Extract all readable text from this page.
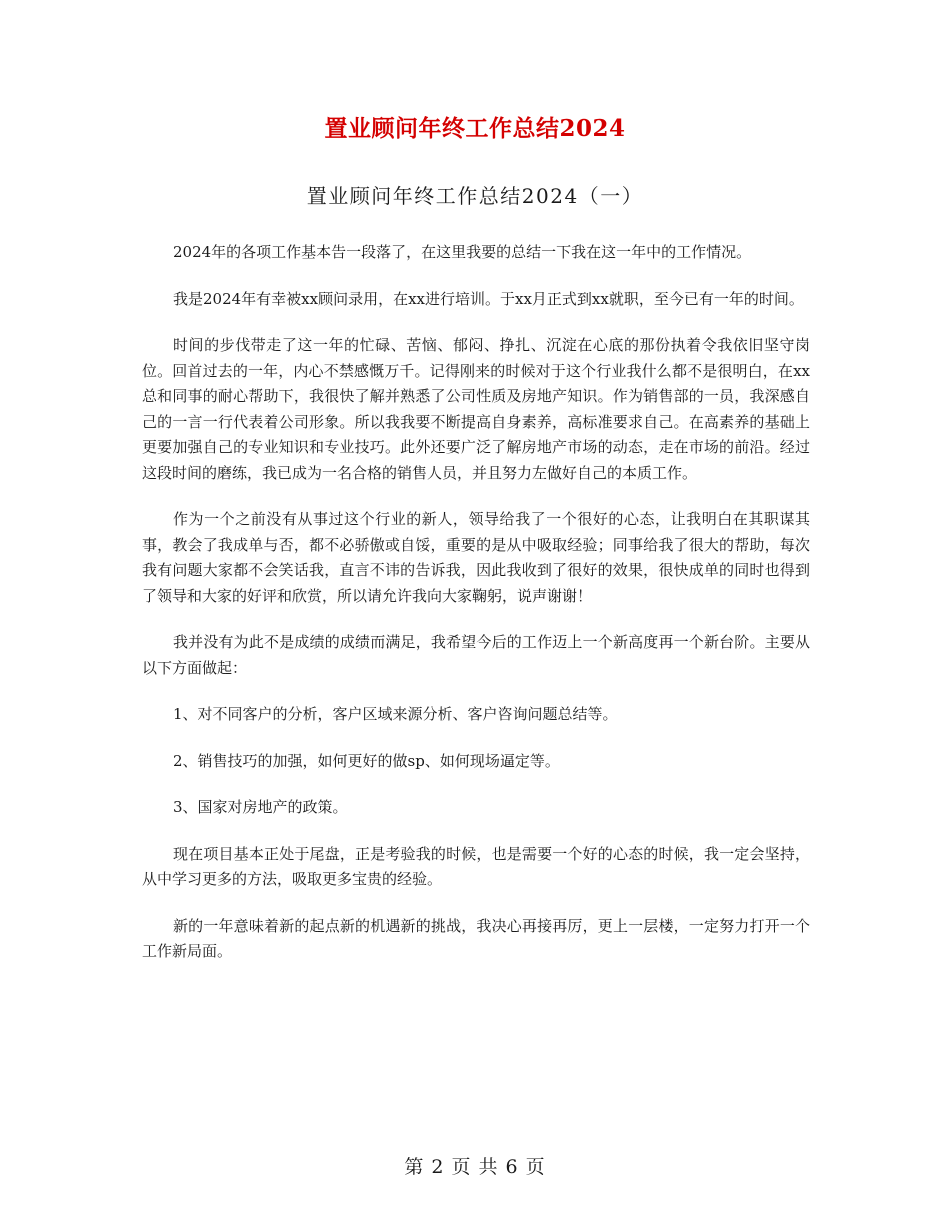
置业顾问年终工作总结2024
置业顾问年终工作总结2024（一）

2024年的各项工作基本告一段落了，在这里我要的总结一下我在这一年中的工作情况。

我是2024年有幸被xx顾问录用，在xx进行培训。于xx月正式到xx就职，至今已有一年的时间。

时间的步伐带走了这一年的忙碌、苦恼、郁闷、挣扎、沉淀在心底的那份执着令我依旧坚守岗位。回首过去的一年，内心不禁感慨万千。记得刚来的时候对于这个行业我什么都不是很明白，在xx总和同事的耐心帮助下，我很快了解并熟悉了公司性质及房地产知识。作为销售部的一员，我深感自己的一言一行代表着公司形象。所以我我要不断提高自身素养，高标准要求自己。在高素养的基础上更要加强自己的专业知识和专业技巧。此外还要广泛了解房地产市场的动态，走在市场的前沿。经过这段时间的磨练，我已成为一名合格的销售人员，并且努力左做好自己的本质工作。

作为一个之前没有从事过这个行业的新人，领导给我了一个很好的心态，让我明白在其职谋其事，教会了我成单与否，都不必骄傲或自馁，重要的是从中吸取经验；同事给我了很大的帮助，每次我有问题大家都不会笑话我，直言不讳的告诉我，因此我收到了很好的效果，很快成单的同时也得到了领导和大家的好评和欣赏，所以请允许我向大家鞠躬，说声谢谢！

我并没有为此不是成绩的成绩而满足，我希望今后的工作迈上一个新高度再一个新台阶。主要从以下方面做起：

1、对不同客户的分析，客户区域来源分析、客户咨询问题总结等。

2、销售技巧的加强，如何更好的做sp、如何现场逼定等。

3、国家对房地产的政策。

现在项目基本正处于尾盘，正是考验我的时候，也是需要一个好的心态的时候，我一定会坚持，从中学习更多的方法，吸取更多宝贵的经验。

新的一年意味着新的起点新的机遇新的挑战，我决心再接再厉，更上一层楼，一定努力打开一个工作新局面。

第 2 页 共 6 页
